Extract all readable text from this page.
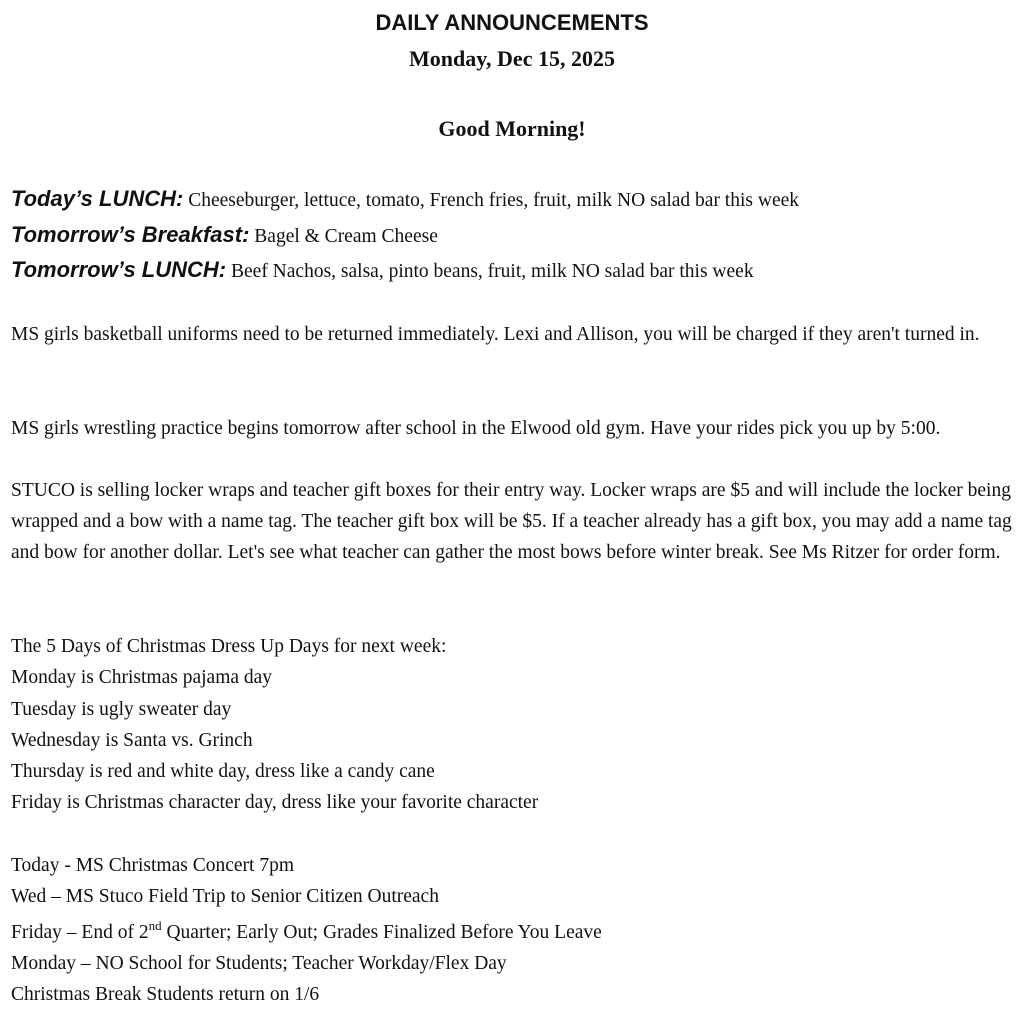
DAILY ANNOUNCEMENTS
Monday, Dec 15, 2025
Good Morning!
Today’s LUNCH: Cheeseburger, lettuce, tomato, French fries, fruit, milk NO salad bar this week
Tomorrow’s Breakfast: Bagel & Cream Cheese
Tomorrow’s LUNCH: Beef Nachos, salsa, pinto beans, fruit, milk NO salad bar this week

MS girls basketball uniforms need to be returned immediately. Lexi and Allison, you will be charged if they aren't turned in.

MS girls wrestling practice begins tomorrow after school in the Elwood old gym. Have your rides pick you up by 5:00.

STUCO is selling locker wraps and teacher gift boxes for their entry way. Locker wraps are $5 and will include the locker being wrapped and a bow with a name tag. The teacher gift box will be $5. If a teacher already has a gift box, you may add a name tag and bow for another dollar. Let's see what teacher can gather the most bows before winter break. See Ms Ritzer for order form.

The 5 Days of Christmas Dress Up Days for next week:
Monday is Christmas pajama day
Tuesday is ugly sweater day
Wednesday is Santa vs. Grinch
Thursday is red and white day, dress like a candy cane
Friday is Christmas character day, dress like your favorite character
Today - MS Christmas Concert 7pm
Wed – MS Stuco Field Trip to Senior Citizen Outreach
Friday – End of 2nd Quarter; Early Out; Grades Finalized Before You Leave
Monday – NO School for Students; Teacher Workday/Flex Day
Christmas Break Students return on 1/6
